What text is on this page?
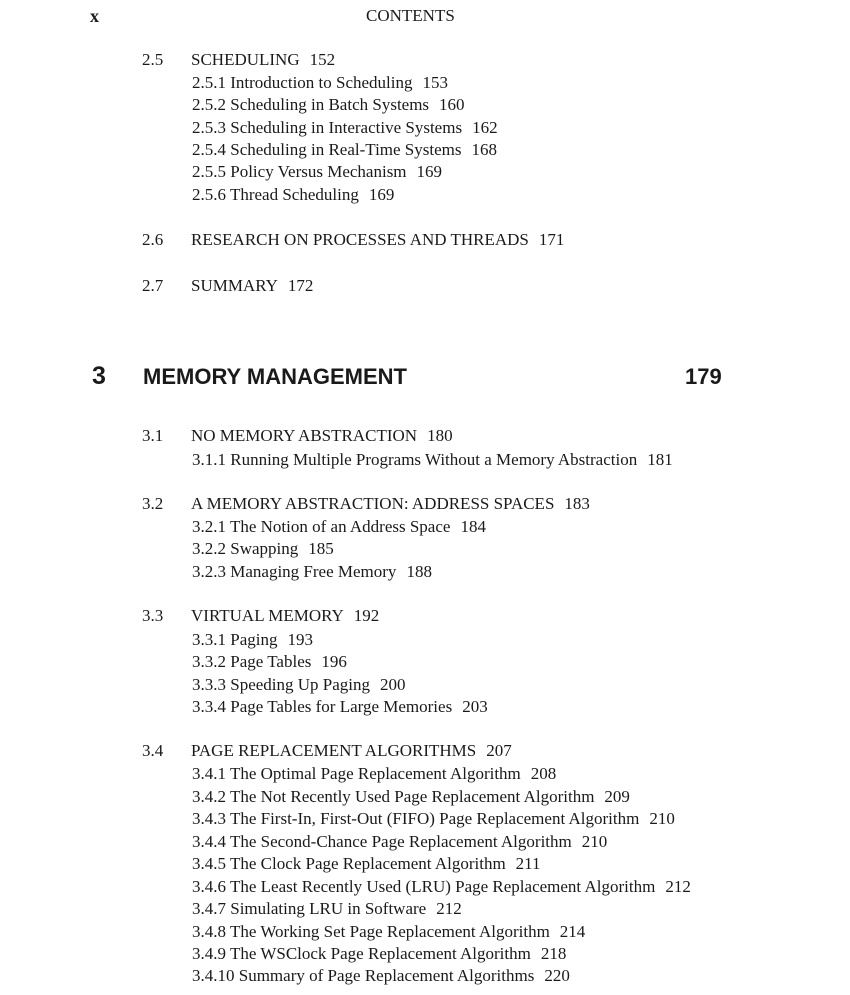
x	CONTENTS
2.5 SCHEDULING 152
2.5.1 Introduction to Scheduling 153
2.5.2 Scheduling in Batch Systems 160
2.5.3 Scheduling in Interactive Systems 162
2.5.4 Scheduling in Real-Time Systems 168
2.5.5 Policy Versus Mechanism 169
2.5.6 Thread Scheduling 169
2.6 RESEARCH ON PROCESSES AND THREADS 171
2.7 SUMMARY 172
3 MEMORY MANAGEMENT	179
3.1 NO MEMORY ABSTRACTION 180
3.1.1 Running Multiple Programs Without a Memory Abstraction 181
3.2 A MEMORY ABSTRACTION: ADDRESS SPACES 183
3.2.1 The Notion of an Address Space 184
3.2.2 Swapping 185
3.2.3 Managing Free Memory 188
3.3 VIRTUAL MEMORY 192
3.3.1 Paging 193
3.3.2 Page Tables 196
3.3.3 Speeding Up Paging 200
3.3.4 Page Tables for Large Memories 203
3.4 PAGE REPLACEMENT ALGORITHMS 207
3.4.1 The Optimal Page Replacement Algorithm 208
3.4.2 The Not Recently Used Page Replacement Algorithm 209
3.4.3 The First-In, First-Out (FIFO) Page Replacement Algorithm 210
3.4.4 The Second-Chance Page Replacement Algorithm 210
3.4.5 The Clock Page Replacement Algorithm 211
3.4.6 The Least Recently Used (LRU) Page Replacement Algorithm 212
3.4.7 Simulating LRU in Software 212
3.4.8 The Working Set Page Replacement Algorithm 214
3.4.9 The WSClock Page Replacement Algorithm 218
3.4.10 Summary of Page Replacement Algorithms 220
